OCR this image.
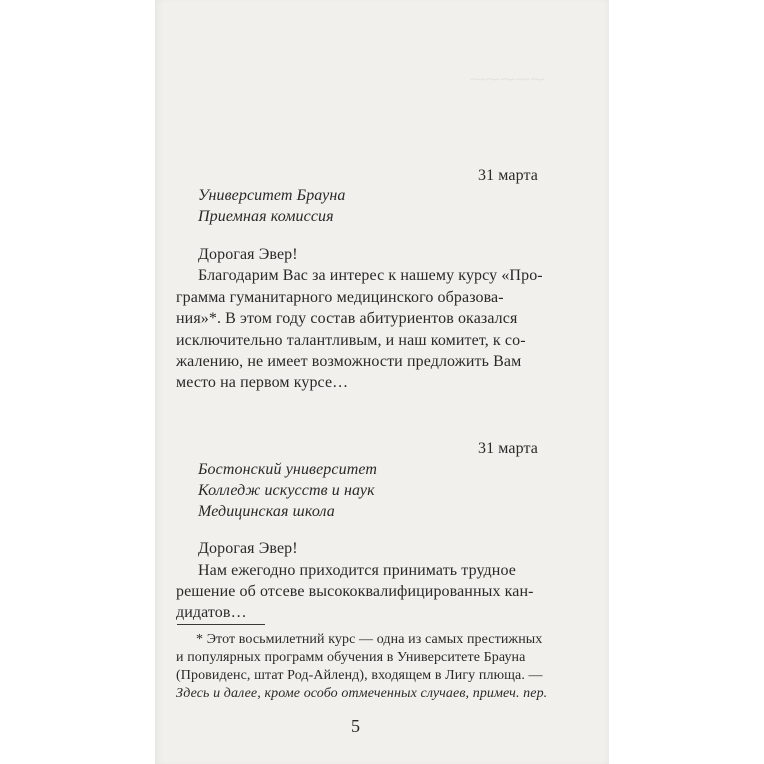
⁓⁓⁓⁓⁓
31 марта
Университет Брауна
Приемная комиссия
Дорогая Эвер!
Благодарим Вас за интерес к нашему курсу «Про-
грамма гуманитарного медицинского образова-
ния»*. В этом году состав абитуриентов оказался
исключительно талантливым, и наш комитет, к со-
жалению, не имеет возможности предложить Вам
место на первом курсе…
31 марта
Бостонский университет
Колледж искусств и наук
Медицинская школа
Дорогая Эвер!
Нам ежегодно приходится принимать трудное
решение об отсеве высококвалифицированных кан-
дидатов…
* Этот восьмилетний курс — одна из самых престижных
и популярных программ обучения в Университете Брауна
(Провиденс, штат Род-Айленд), входящем в Лигу плюща. —
Здесь и далее, кроме особо отмеченных случаев, примеч. пер.
5
